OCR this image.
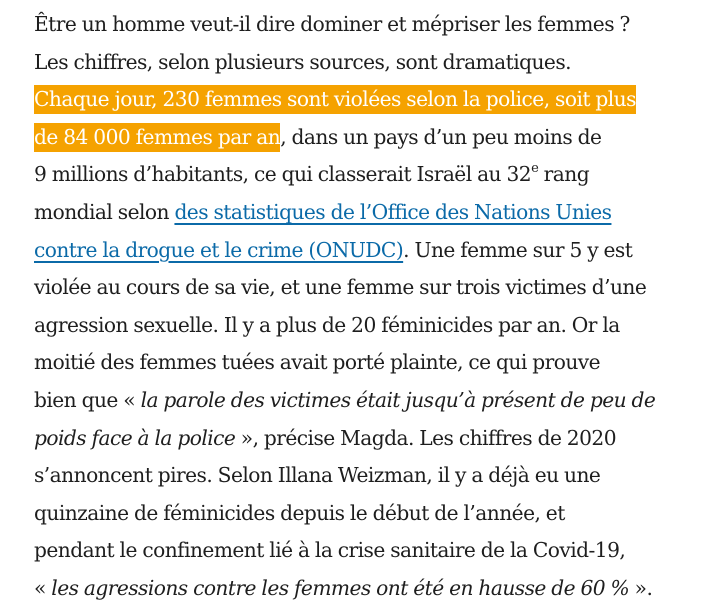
Être un homme veut-il dire dominer et mépriser les femmes ?
Les chiffres, selon plusieurs sources, sont dramatiques.
Chaque jour, 230 femmes sont violées selon la police, soit plus
de 84 000 femmes par an, dans un pays d’un peu moins de
9 millions d’habitants, ce qui classerait Israël au 32e rang
mondial selon des statistiques de l’Office des Nations Unies
contre la drogue et le crime (ONUDC). Une femme sur 5 y est
violée au cours de sa vie, et une femme sur trois victimes d’une
agression sexuelle. Il y a plus de 20 féminicides par an. Or la
moitié des femmes tuées avait porté plainte, ce qui prouve
bien que « la parole des victimes était jusqu’à présent de peu de
poids face à la police », précise Magda. Les chiffres de 2020
s’annoncent pires. Selon Illana Weizman, il y a déjà eu une
quinzaine de féminicides depuis le début de l’année, et
pendant le confinement lié à la crise sanitaire de la Covid-19,
« les agressions contre les femmes ont été en hausse de 60 % ».
